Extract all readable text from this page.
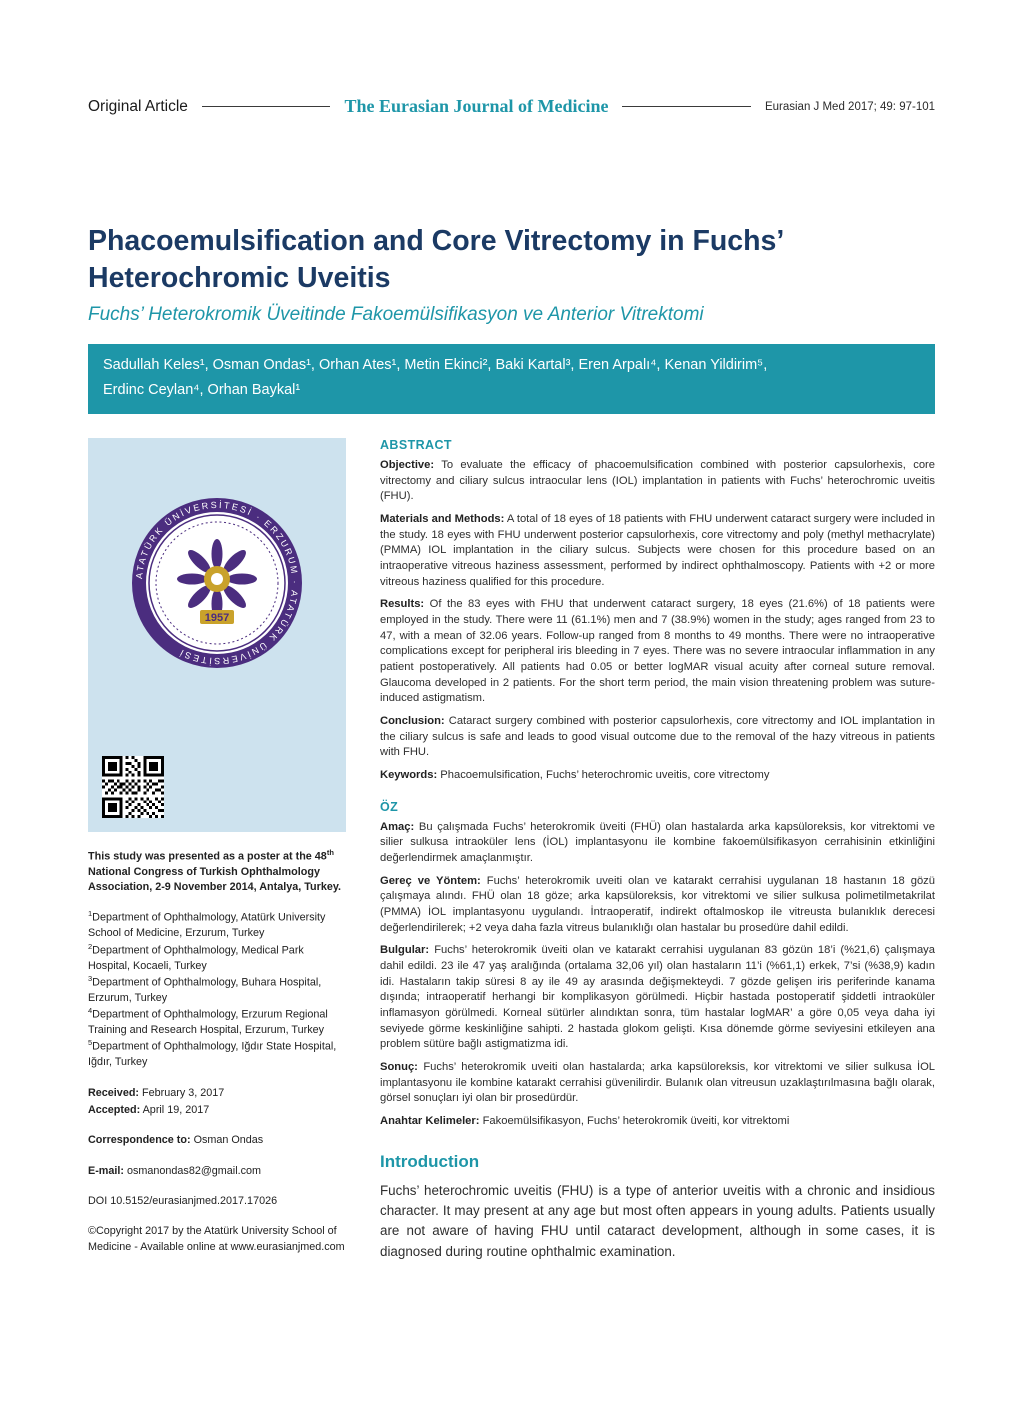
Original Article	The Eurasian Journal of Medicine	Eurasian J Med 2017; 49: 97-101
Phacoemulsification and Core Vitrectomy in Fuchs’ Heterochromic Uveitis
Fuchs’ Heterokromik Üveitinde Fakoemülsifikasyon ve Anterior Vitrektomi
Sadullah Keles¹, Osman Ondas¹, Orhan Ates¹, Metin Ekinci², Baki Kartal³, Eren Arpalı⁴, Kenan Yildirim⁵,
Erdinc Ceylan⁴, Orhan Baykal¹
ATATÜRK ÜNİVERSİTESİ · ERZURUM · ATATÜRK ÜNİVERSİTESİ
1957

This study was presented as a poster at the 48th National Congress of Turkish Ophthalmology Association, 2-9 November 2014, Antalya, Turkey.

$^1$Department of Ophthalmology, Atatürk University School of Medicine, Erzurum, Turkey

$^2$Department of Ophthalmology, Medical Park Hospital, Kocaeli, Turkey

$^3$Department of Ophthalmology, Buhara Hospital, Erzurum, Turkey

$^4$Department of Ophthalmology, Erzurum Regional Training and Research Hospital, Erzurum, Turkey

$^5$Department of Ophthalmology, Iğdır State Hospital, Iğdır, Turkey

Received: February 3, 2017

Accepted: April 19, 2017

Correspondence to: Osman Ondas

E-mail: osmanondas82@gmail.com

DOI 10.5152/eurasianjmed.2017.17026

©Copyright 2017 by the Atatürk University School of Medicine - Available online at www.eurasianjmed.com

ABSTRACT

Objective: To evaluate the efficacy of phacoemulsification combined with posterior capsulorhexis, core vitrectomy and ciliary sulcus intraocular lens (IOL) implantation in patients with Fuchs’ heterochromic uveitis (FHU).

Materials and Methods: A total of 18 eyes of 18 patients with FHU underwent cataract surgery were included in the study. 18 eyes with FHU underwent posterior capsulorhexis, core vitrectomy and poly (methyl methacrylate) (PMMA) IOL implantation in the ciliary sulcus. Subjects were chosen for this procedure based on an intraoperative vitreous haziness assessment, performed by indirect ophthalmoscopy. Patients with +2 or more vitreous haziness qualified for this procedure.

Results: Of the 83 eyes with FHU that underwent cataract surgery, 18 eyes (21.6%) of 18 patients were employed in the study. There were 11 (61.1%) men and 7 (38.9%) women in the study; ages ranged from 23 to 47, with a mean of 32.06 years. Follow-up ranged from 8 months to 49 months. There were no intraoperative complications except for peripheral iris bleeding in 7 eyes. There was no severe intraocular inflammation in any patient postoperatively. All patients had 0.05 or better logMAR visual acuity after corneal suture removal. Glaucoma developed in 2 patients. For the short term period, the main vision threatening problem was suture-induced astigmatism.

Conclusion: Cataract surgery combined with posterior capsulorhexis, core vitrectomy and IOL implantation in the ciliary sulcus is safe and leads to good visual outcome due to the removal of the hazy vitreous in patients with FHU.

Keywords: Phacoemulsification, Fuchs’ heterochromic uveitis, core vitrectomy

ÖZ

Amaç: Bu çalışmada Fuchs’ heterokromik üveiti (FHÜ) olan hastalarda arka kapsüloreksis, kor vitrektomi ve silier sulkusa intraoküler lens (İOL) implantasyonu ile kombine fakoemülsifikasyon cerrahisinin etkinliğini değerlendirmek amaçlanmıştır.

Gereç ve Yöntem: Fuchs’ heterokromik uveiti olan ve katarakt cerrahisi uygulanan 18 hastanın 18 gözü çalışmaya alındı. FHÜ olan 18 göze; arka kapsüloreksis, kor vitrektomi ve silier sulkusa polimetilmetakrilat (PMMA) İOL implantasyonu uygulandı. İntraoperatif, indirekt oftalmoskop ile vitreusta bulanıklık derecesi değerlendirilerek; +2 veya daha fazla vitreus bulanıklığı olan hastalar bu prosedüre dahil edildi.

Bulgular: Fuchs’ heterokromik üveiti olan ve katarakt cerrahisi uygulanan 83 gözün 18’i (%21,6) çalışmaya dahil edildi. 23 ile 47 yaş aralığında (ortalama 32,06 yıl) olan hastaların 11’i (%61,1) erkek, 7’si (%38,9) kadın idi. Hastaların takip süresi 8 ay ile 49 ay arasında değişmekteydi. 7 gözde gelişen iris periferinde kanama dışında; intraoperatif herhangi bir komplikasyon görülmedi. Hiçbir hastada postoperatif şiddetli intraoküler inflamasyon görülmedi. Korneal sütürler alındıktan sonra, tüm hastalar logMAR’ a göre 0,05 veya daha iyi seviyede görme keskinliğine sahipti. 2 hastada glokom gelişti. Kısa dönemde görme seviyesini etkileyen ana problem sütüre bağlı astigmatizma idi.

Sonuç: Fuchs’ heterokromik uveiti olan hastalarda; arka kapsüloreksis, kor vitrektomi ve silier sulkusa İOL implantasyonu ile kombine katarakt cerrahisi güvenilirdir. Bulanık olan vitreusun uzaklaştırılmasına bağlı olarak, görsel sonuçları iyi olan bir prosedürdür.

Anahtar Kelimeler: Fakoemülsifikasyon, Fuchs’ heterokromik üveiti, kor vitrektomi

Introduction

Fuchs’ heterochromic uveitis (FHU) is a type of anterior uveitis with a chronic and insidious character. It may present at any age but most often appears in young adults. Patients usually are not aware of having FHU until cataract development, although in some cases, it is diagnosed during routine ophthalmic examination.
